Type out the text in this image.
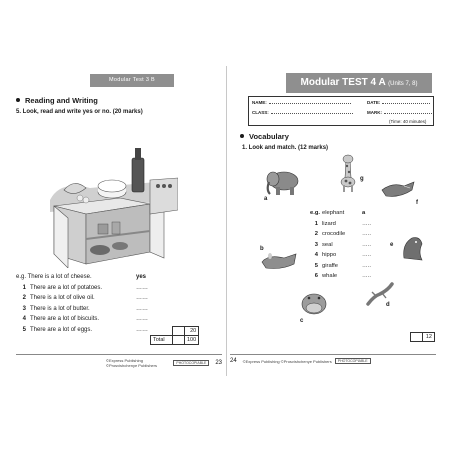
Modular Test 3 B
Reading and Writing
5. Look, read and write yes or no. (20 marks)
e.g. There is a lot of cheese.	yes
1 There are a lot of potatoes.	……
2 There is a lot of olive oil.	……
3 There is a lot of butter.	……
4 There are a lot of biscuits.	……
5 There are a lot of eggs.	……
			20
Total		100
©Express Publishing ©Prosvishchenye Publishers	PHOTOCOPIABLE	23
Modular TEST 4 A (Units 7, 8)
NAME:	DATE:
CLASS:	MARK:
(Time: 40 minutes)
Vocabulary
1. Look and match. (12 marks)
a
g
f
b
e
c
d
e.g. elephant	a
1 lizard	…..
2 crocodile	…..
3 seal	…..
4 hippo	…..
5 giraffe	…..
6 whale	…..
	12
24 ©Express Publishing ©Prosvishchenye Publishers	PHOTOCOPIABLE
